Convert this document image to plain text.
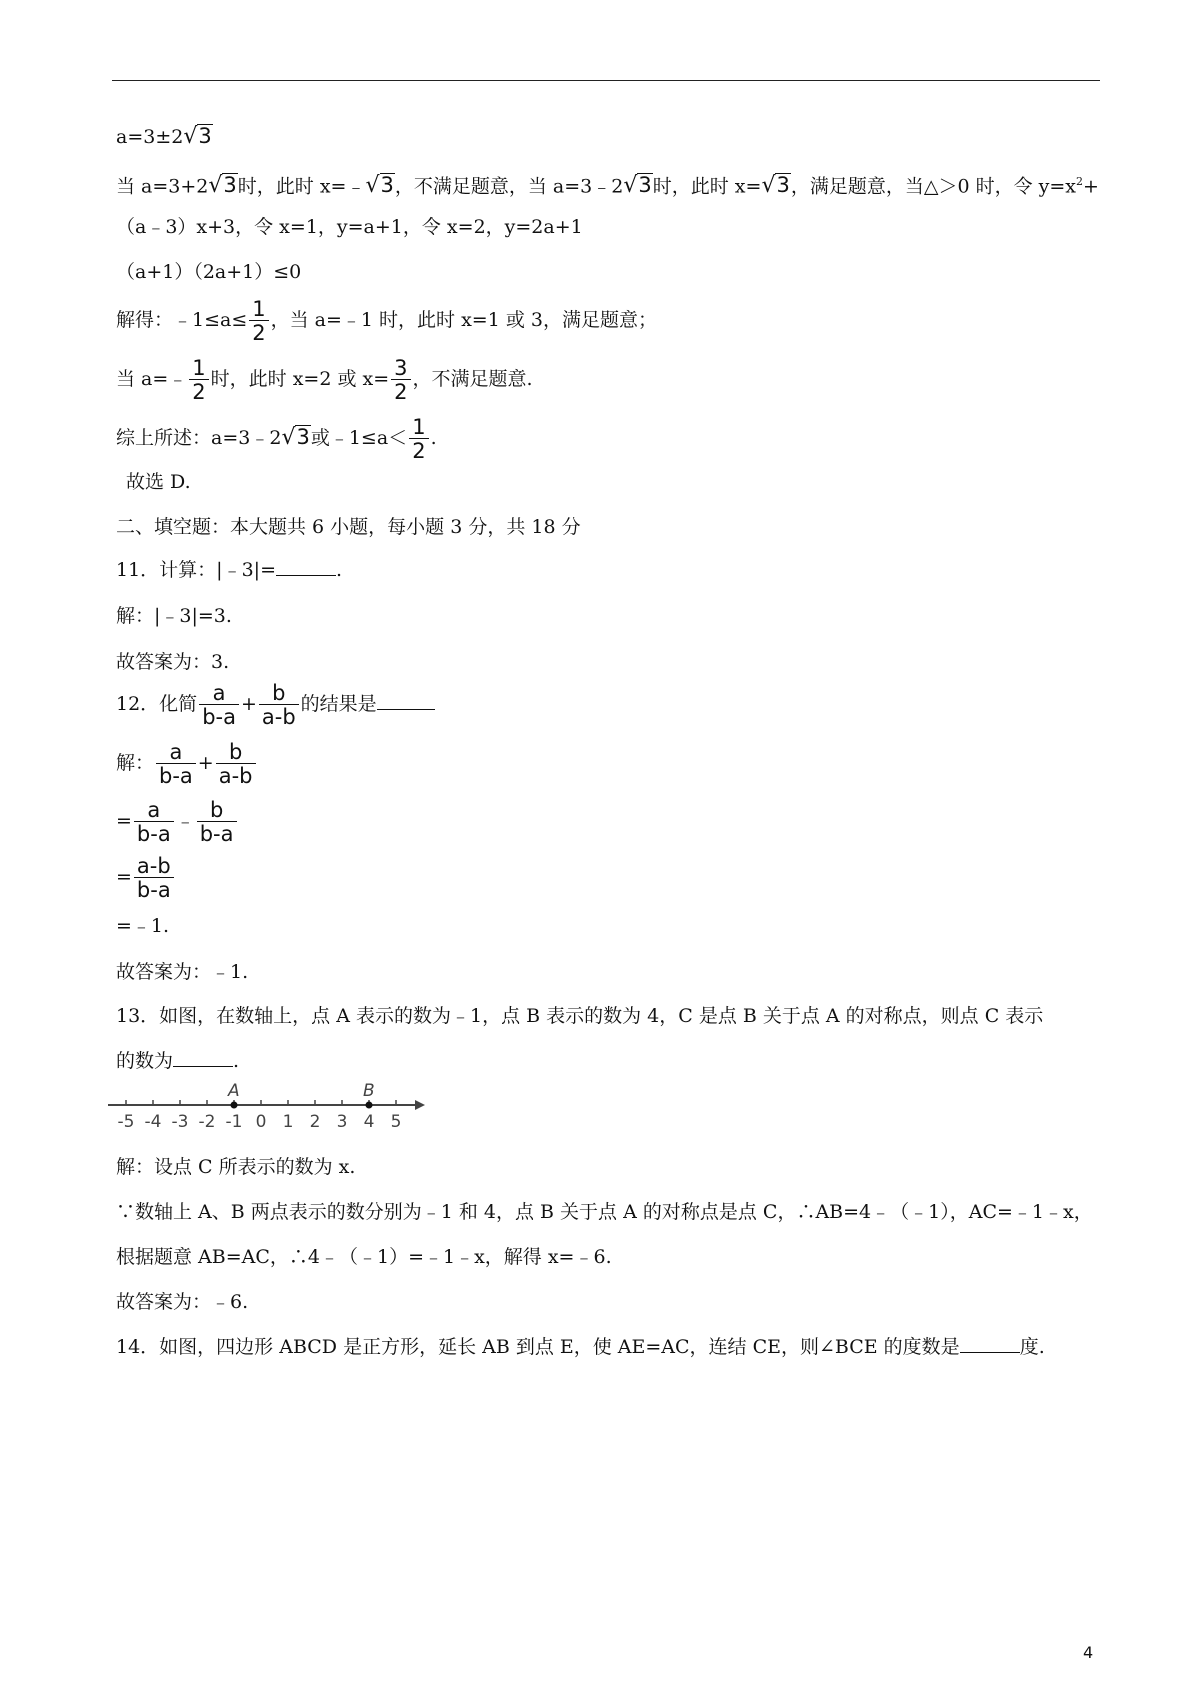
a=3±2√3
当 a=3+2√3时，此时 x=﹣√3，不满足题意，当 a=3﹣2√3时，此时 x=√3，满足题意，当△＞0 时，令 $y=x^2+$
（a﹣3）x+3，令 x=1，y=a+1，令 x=2，y=2a+1
（a+1）（2a+1）≤0
解得：﹣1≤a≤ $\frac{1}{2}$ ，当 a=﹣1 时，此时 x=1 或 3，满足题意；
当 a=﹣ $\frac{1}{2}$ 时，此时 x=2 或 $x= \frac{3}{2}$ ，不满足题意.
综上所述：a=3﹣2√3或﹣1≤a＜ $\frac{1}{2}$ .
故选 D.
二、填空题：本大题共 6 小题，每小题 3 分，共 18 分
11．计算：|﹣3|=	.
解：|﹣3|=3.
故答案为：3.
12．化简 $\frac{a}{b-a} + \frac{b}{a-b}$ 的结果是
解： $\frac{a}{b-a} + \frac{b}{a-b}$
= $\frac{a}{b-a}$ ﹣ $\frac{b}{b-a}$
= $\frac{a-b}{b-a}$
=﹣1.
故答案为：﹣1.
13．如图，在数轴上，点 A 表示的数为﹣1，点 B 表示的数为 4，C 是点 B 关于点 A 的对称点，则点 C 表示
的数为	.
-5 -4 -3 -2 -1 0 1 2 3 4 5
A	B
解：设点 C 所表示的数为 x.
∵数轴上 A、B 两点表示的数分别为﹣1 和 4，点 B 关于点 A 的对称点是点 C，∴AB=4﹣（﹣1），AC=﹣1﹣x，
根据题意 AB=AC，∴4﹣（﹣1）=﹣1﹣x，解得 x=﹣6.
故答案为：﹣6.
14．如图，四边形 ABCD 是正方形，延长 AB 到点 E，使 AE=AC，连结 CE，则∠BCE 的度数是	度.
4
